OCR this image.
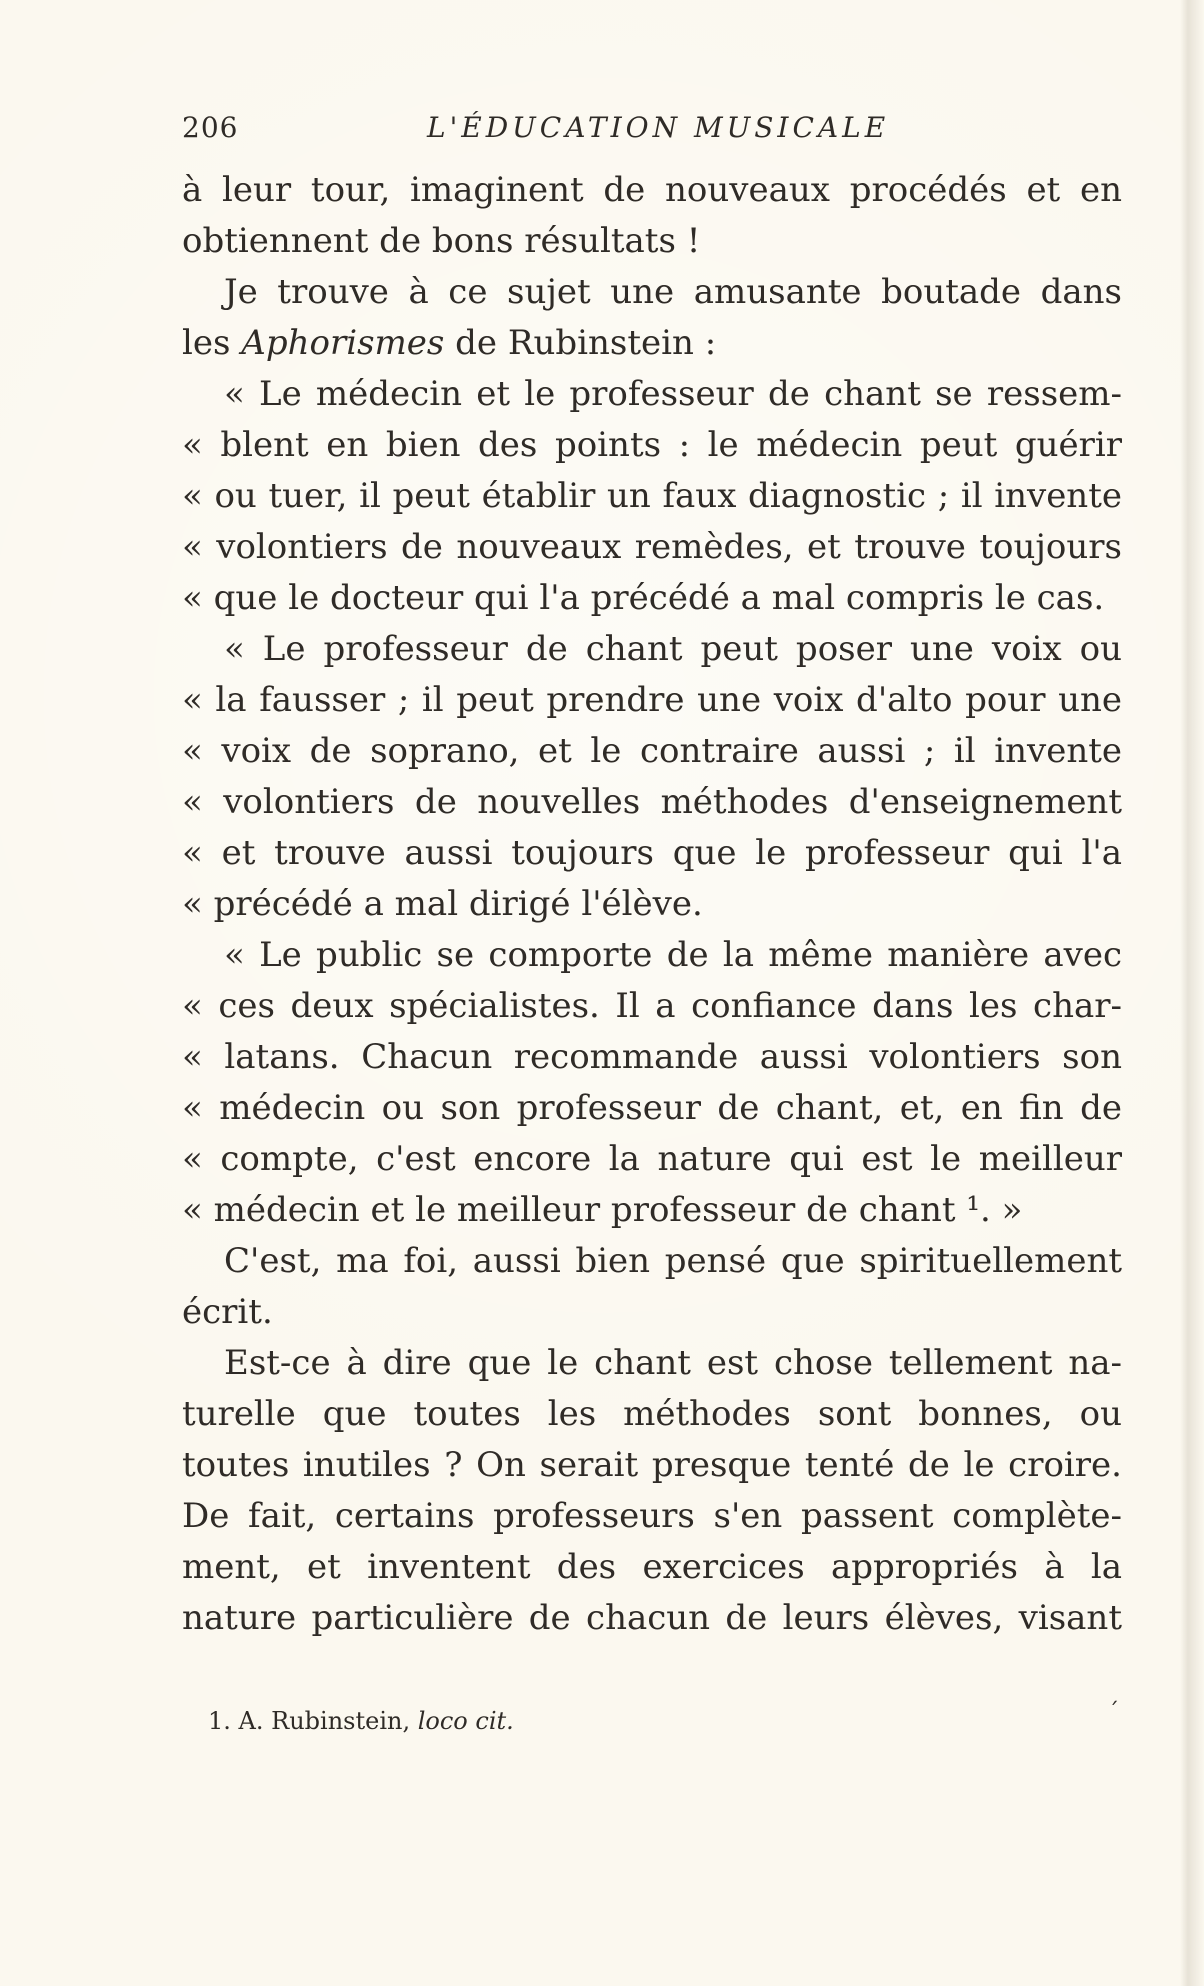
206	L'ÉDUCATION MUSICALE
à leur tour, imaginent de nouveaux procédés et en
obtiennent de bons résultats !
Je trouve à ce sujet une amusante boutade dans
les Aphorismes de Rubinstein :
« Le médecin et le professeur de chant se ressem-
« blent en bien des points : le médecin peut guérir
« ou tuer, il peut établir un faux diagnostic ; il invente
« volontiers de nouveaux remèdes, et trouve toujours
« que le docteur qui l'a précédé a mal compris le cas.
« Le professeur de chant peut poser une voix ou
« la fausser ; il peut prendre une voix d'alto pour une
« voix de soprano, et le contraire aussi ; il invente
« volontiers de nouvelles méthodes d'enseignement
« et trouve aussi toujours que le professeur qui l'a
« précédé a mal dirigé l'élève.
« Le public se comporte de la même manière avec
« ces deux spécialistes. Il a confiance dans les char-
« latans. Chacun recommande aussi volontiers son
« médecin ou son professeur de chant, et, en fin de
« compte, c'est encore la nature qui est le meilleur
« médecin et le meilleur professeur de chant ¹. »
C'est, ma foi, aussi bien pensé que spirituellement
écrit.
Est-ce à dire que le chant est chose tellement na-
turelle que toutes les méthodes sont bonnes, ou
toutes inutiles ? On serait presque tenté de le croire.
De fait, certains professeurs s'en passent complète-
ment, et inventent des exercices appropriés à la
nature particulière de chacun de leurs élèves, visant
1. A. Rubinstein, loco cit.	´
